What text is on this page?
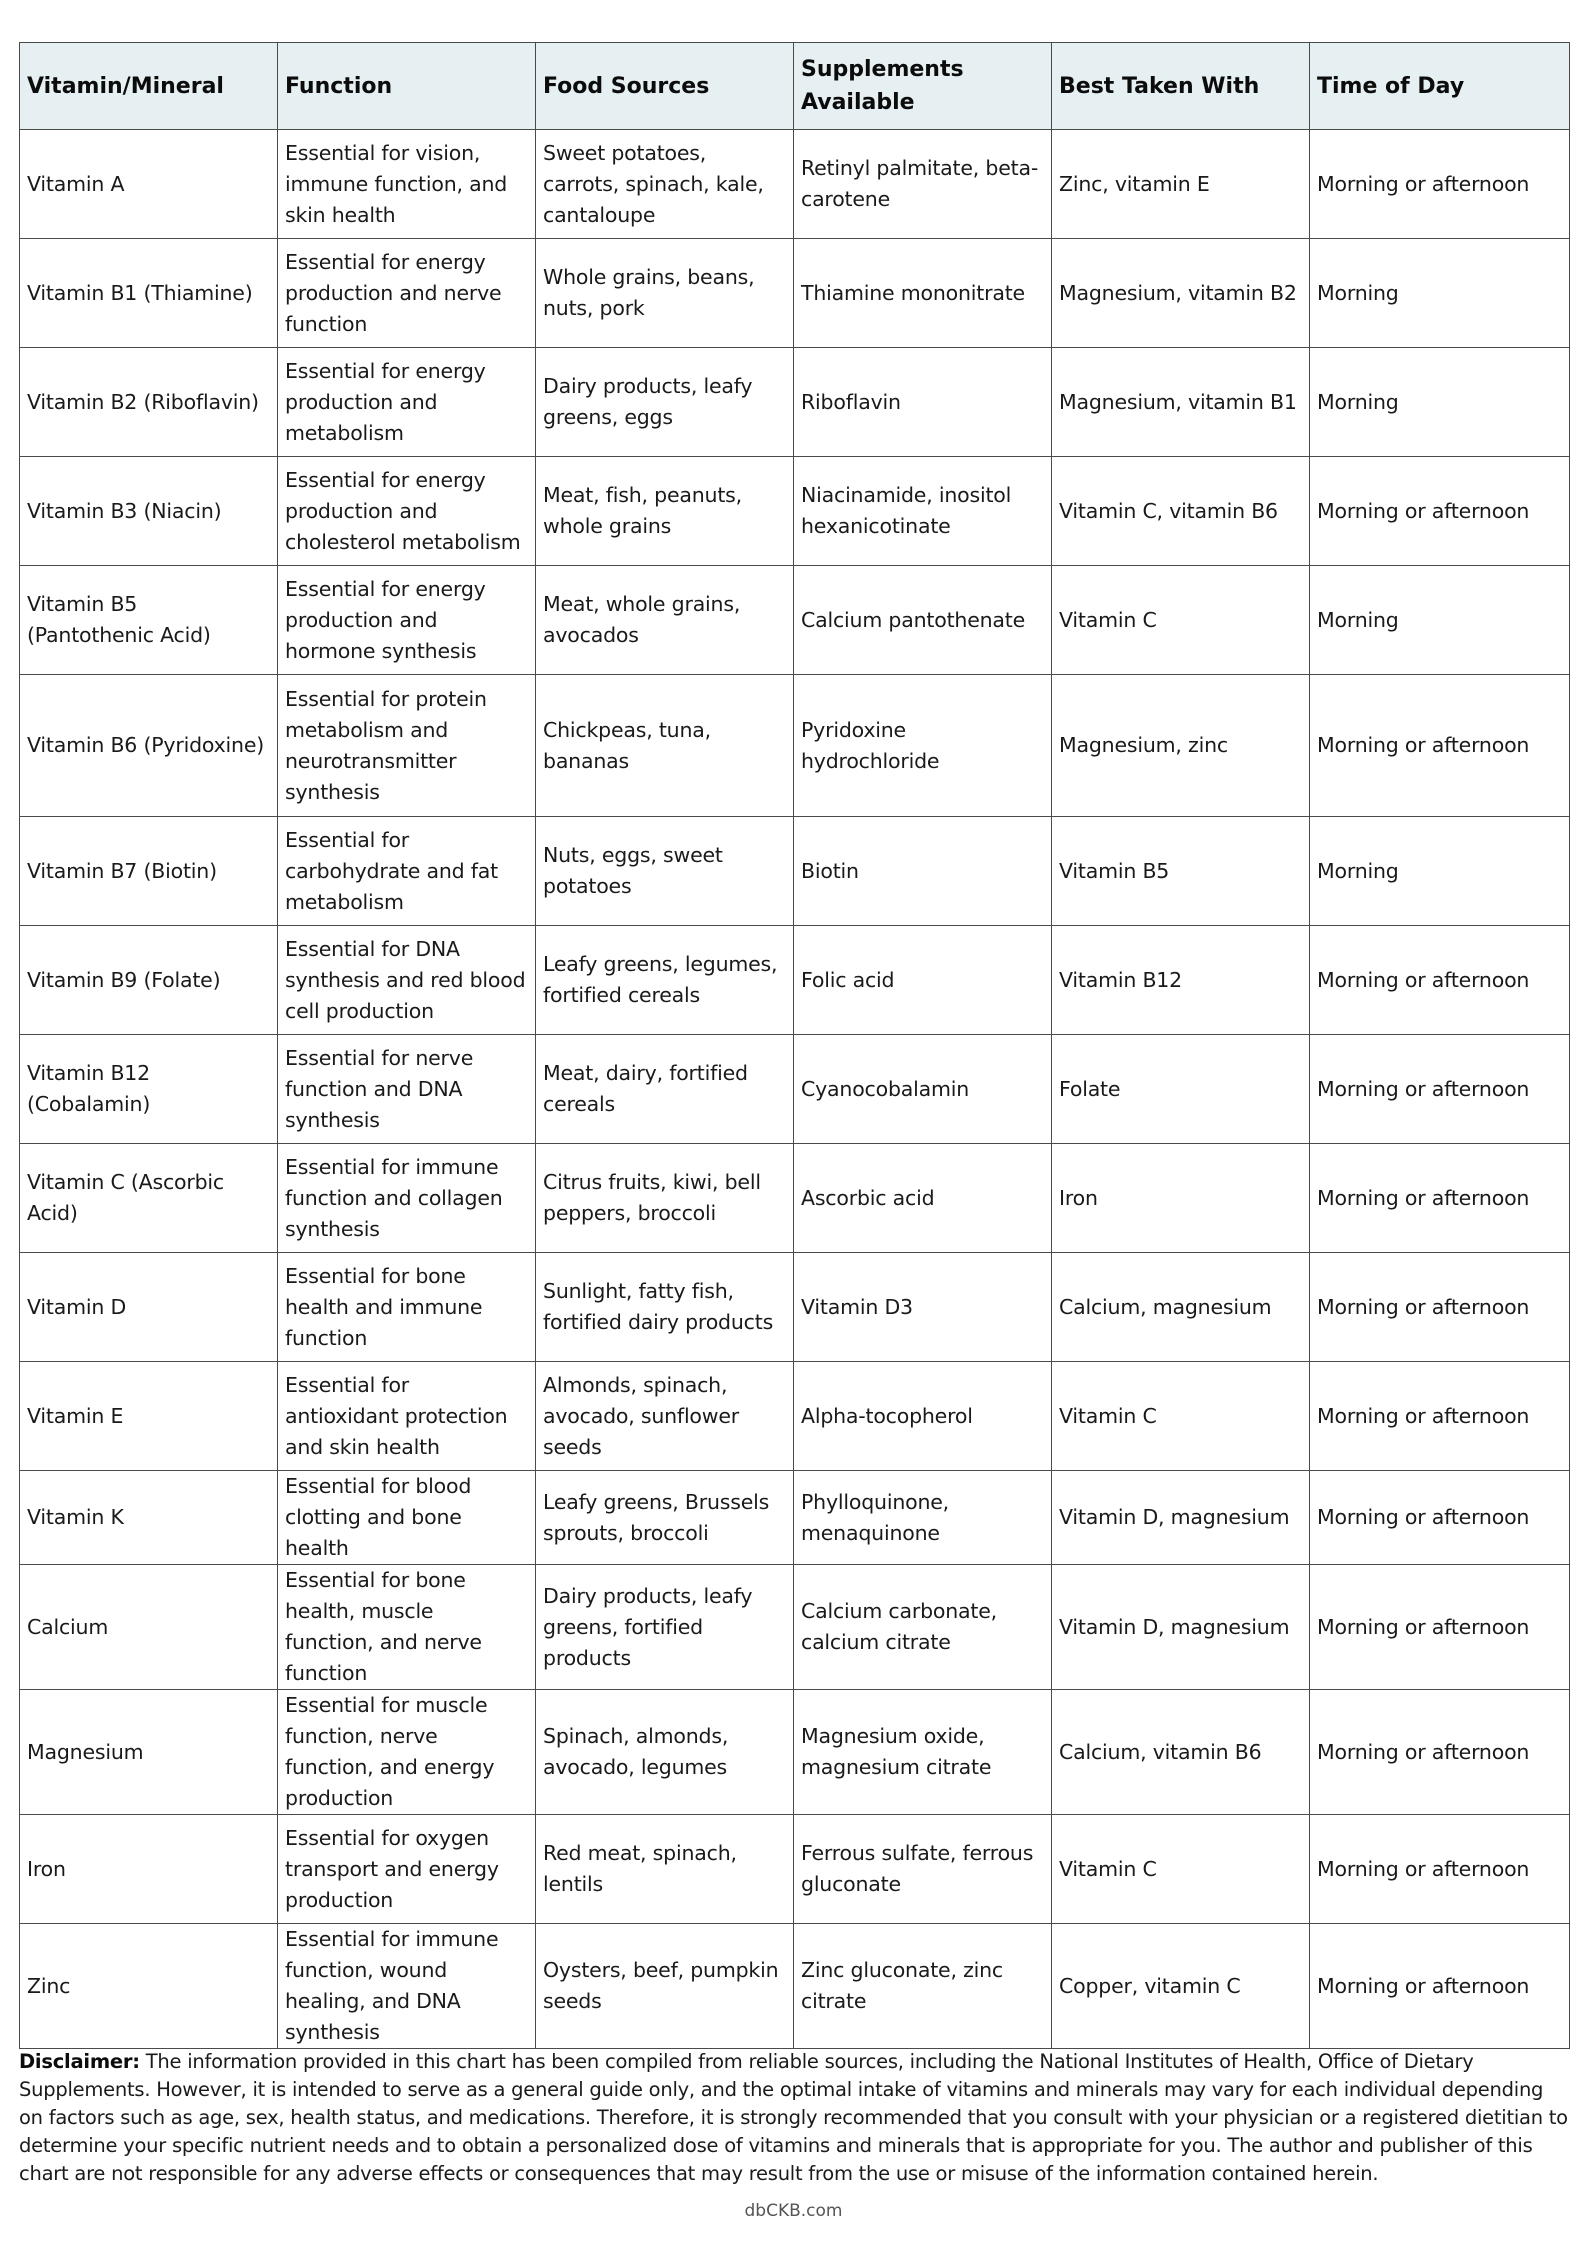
Vitamin/Mineral	Function	Food Sources	Supplements Available	Best Taken With	Time of Day
Vitamin A	Essential for vision, immune function, and skin health	Sweet potatoes, carrots, spinach, kale, cantaloupe	Retinyl palmitate, beta-carotene	Zinc, vitamin E	Morning or afternoon
Vitamin B1 (Thiamine)	Essential for energy production and nerve function	Whole grains, beans, nuts, pork	Thiamine mononitrate	Magnesium, vitamin B2	Morning
Vitamin B2 (Riboflavin)	Essential for energy production and metabolism	Dairy products, leafy greens, eggs	Riboflavin	Magnesium, vitamin B1	Morning
Vitamin B3 (Niacin)	Essential for energy production and cholesterol metabolism	Meat, fish, peanuts, whole grains	Niacinamide, inositol hexanicotinate	Vitamin C, vitamin B6	Morning or afternoon
Vitamin B5 (Pantothenic Acid)	Essential for energy production and hormone synthesis	Meat, whole grains, avocados	Calcium pantothenate	Vitamin C	Morning
Vitamin B6 (Pyridoxine)	Essential for protein metabolism and neurotransmitter synthesis	Chickpeas, tuna, bananas	Pyridoxine hydrochloride	Magnesium, zinc	Morning or afternoon
Vitamin B7 (Biotin)	Essential for carbohydrate and fat metabolism	Nuts, eggs, sweet potatoes	Biotin	Vitamin B5	Morning
Vitamin B9 (Folate)	Essential for DNA synthesis and red blood cell production	Leafy greens, legumes, fortified cereals	Folic acid	Vitamin B12	Morning or afternoon
Vitamin B12 (Cobalamin)	Essential for nerve function and DNA synthesis	Meat, dairy, fortified cereals	Cyanocobalamin	Folate	Morning or afternoon
Vitamin C (Ascorbic Acid)	Essential for immune function and collagen synthesis	Citrus fruits, kiwi, bell peppers, broccoli	Ascorbic acid	Iron	Morning or afternoon
Vitamin D	Essential for bone health and immune function	Sunlight, fatty fish, fortified dairy products	Vitamin D3	Calcium, magnesium	Morning or afternoon
Vitamin E	Essential for antioxidant protection and skin health	Almonds, spinach, avocado, sunflower seeds	Alpha-tocopherol	Vitamin C	Morning or afternoon
Vitamin K	Essential for blood clotting and bone health	Leafy greens, Brussels sprouts, broccoli	Phylloquinone, menaquinone	Vitamin D, magnesium	Morning or afternoon
Calcium	Essential for bone health, muscle function, and nerve function	Dairy products, leafy greens, fortified products	Calcium carbonate, calcium citrate	Vitamin D, magnesium	Morning or afternoon
Magnesium	Essential for muscle function, nerve function, and energy production	Spinach, almonds, avocado, legumes	Magnesium oxide, magnesium citrate	Calcium, vitamin B6	Morning or afternoon
Iron	Essential for oxygen transport and energy production	Red meat, spinach, lentils	Ferrous sulfate, ferrous gluconate	Vitamin C	Morning or afternoon
Zinc	Essential for immune function, wound healing, and DNA synthesis	Oysters, beef, pumpkin seeds	Zinc gluconate, zinc citrate	Copper, vitamin C	Morning or afternoon

Disclaimer: The information provided in this chart has been compiled from reliable sources, including the National Institutes of Health, Office of Dietary Supplements. However, it is intended to serve as a general guide only, and the optimal intake of vitamins and minerals may vary for each individual depending on factors such as age, sex, health status, and medications. Therefore, it is strongly recommended that you consult with your physician or a registered dietitian to determine your specific nutrient needs and to obtain a personalized dose of vitamins and minerals that is appropriate for you. The author and publisher of this chart are not responsible for any adverse effects or consequences that may result from the use or misuse of the information contained herein.

dbCKB.com
